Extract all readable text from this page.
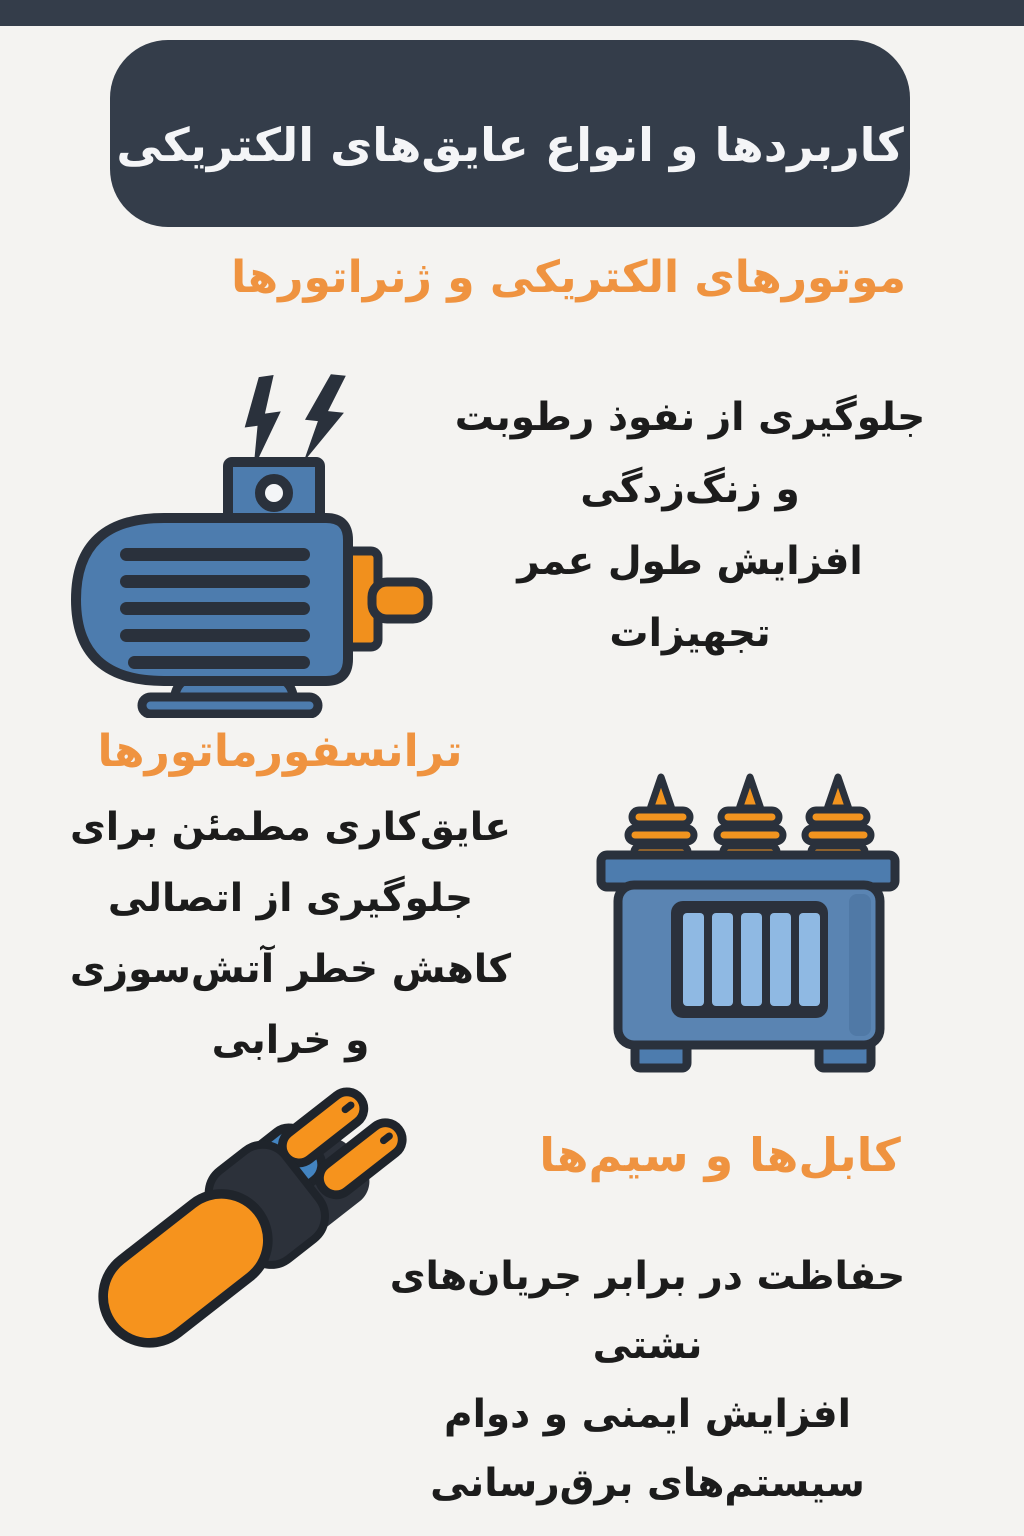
کاربردها و انواع عایق‌های الکتریکی
موتورهای الکتریکی و ژنراتورها

جلوگیری از نفوذ رطوبت

و زنگ‌زدگی

افزایش طول عمر

تجهیزات

ترانسفورماتورها

عایق‌کاری مطمئن برای

جلوگیری از اتصالی

کاهش خطر آتش‌سوزی

و خرابی

کابل‌ها و سیم‌ها

حفاظت در برابر جریان‌های

نشتی

افزایش ایمنی و دوام

سیستم‌های برق‌رسانی
